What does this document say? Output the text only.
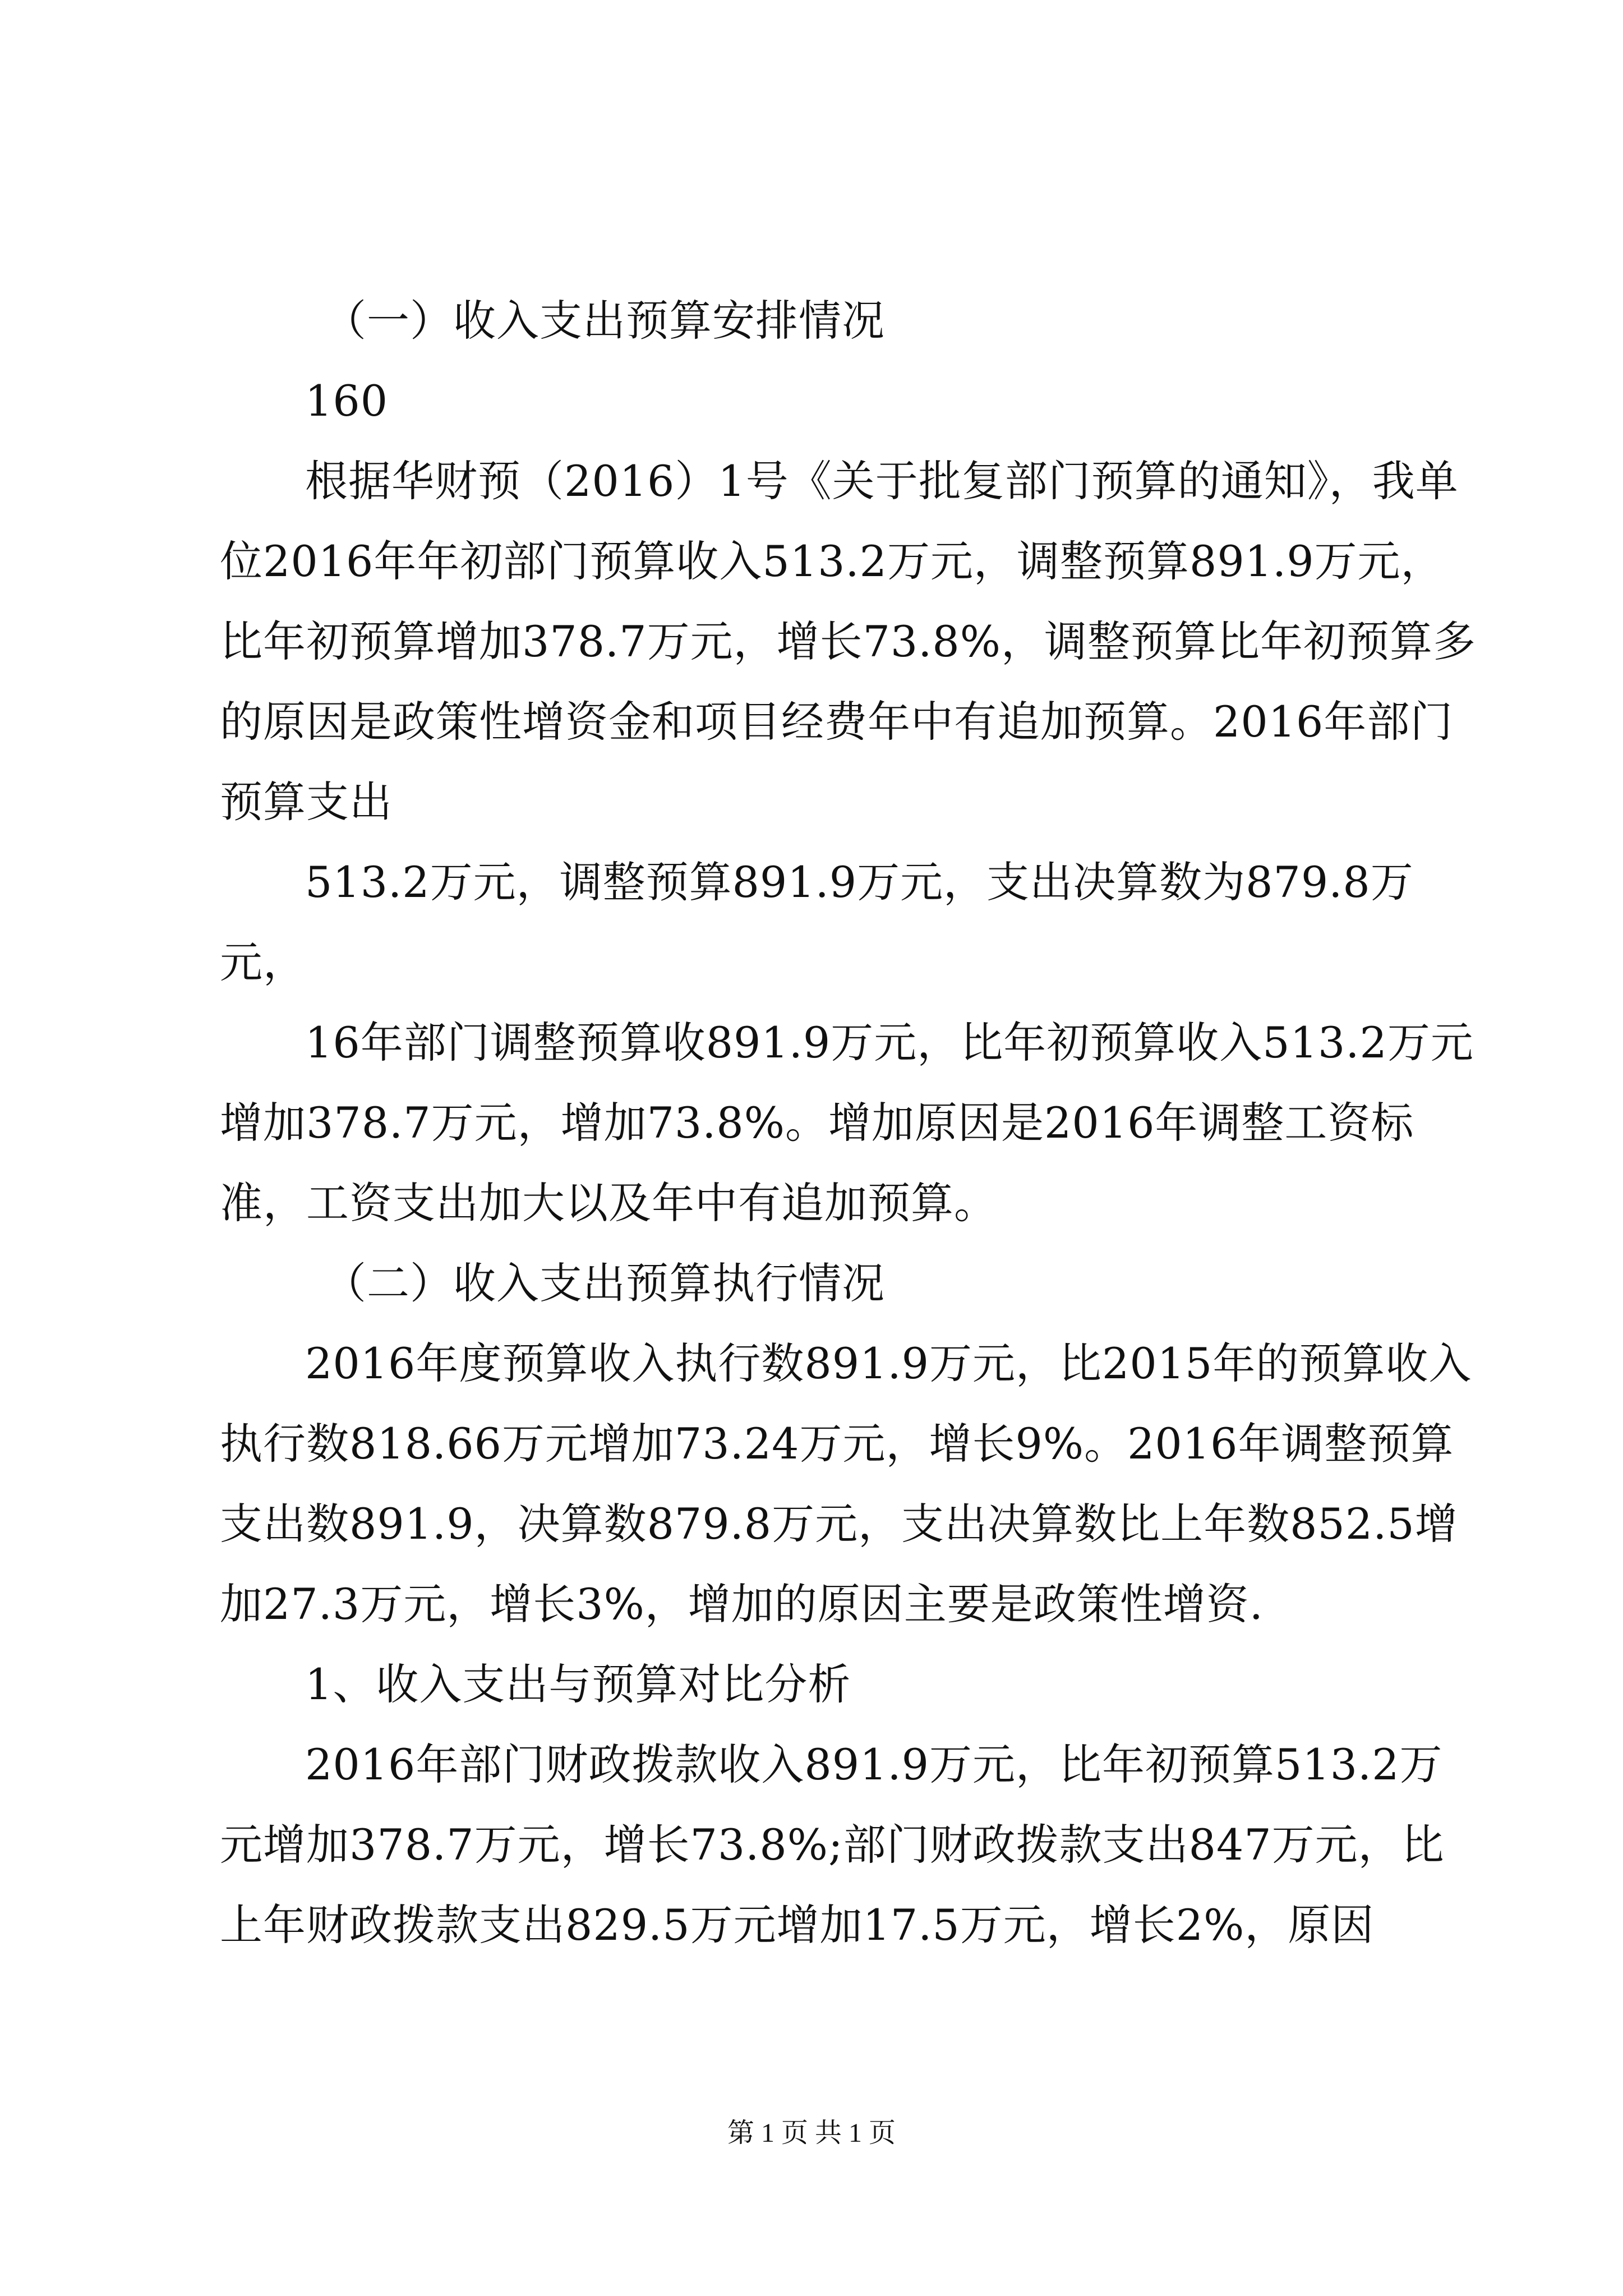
（一）收入支出预算安排情况

160

根据华财预（2016）1号《关于批复部门预算的通知》，我单位2016年年初部门预算收入513.2万元，调整预算891.9万元，比年初预算增加378.7万元，增长73.8%，调整预算比年初预算多的原因是政策性增资金和项目经费年中有追加预算。2016年部门预算支出

513.2万元，调整预算891.9万元，支出决算数为879.8万元，

16年部门调整预算收891.9万元，比年初预算收入513.2万元增加378.7万元，增加73.8%。增加原因是2016年调整工资标准，工资支出加大以及年中有追加预算。

（二）收入支出预算执行情况

2016年度预算收入执行数891.9万元，比2015年的预算收入执行数818.66万元增加73.24万元，增长9%。2016年调整预算支出数891.9，决算数879.8万元，支出决算数比上年数852.5增加27.3万元，增长3%，增加的原因主要是政策性增资.

1、收入支出与预算对比分析

2016年部门财政拨款收入891.9万元，比年初预算513.2万元增加378.7万元，增长73.8%;部门财政拨款支出847万元，比上年财政拨款支出829.5万元增加17.5万元，增长2%，原因

第 1 页 共 1 页
